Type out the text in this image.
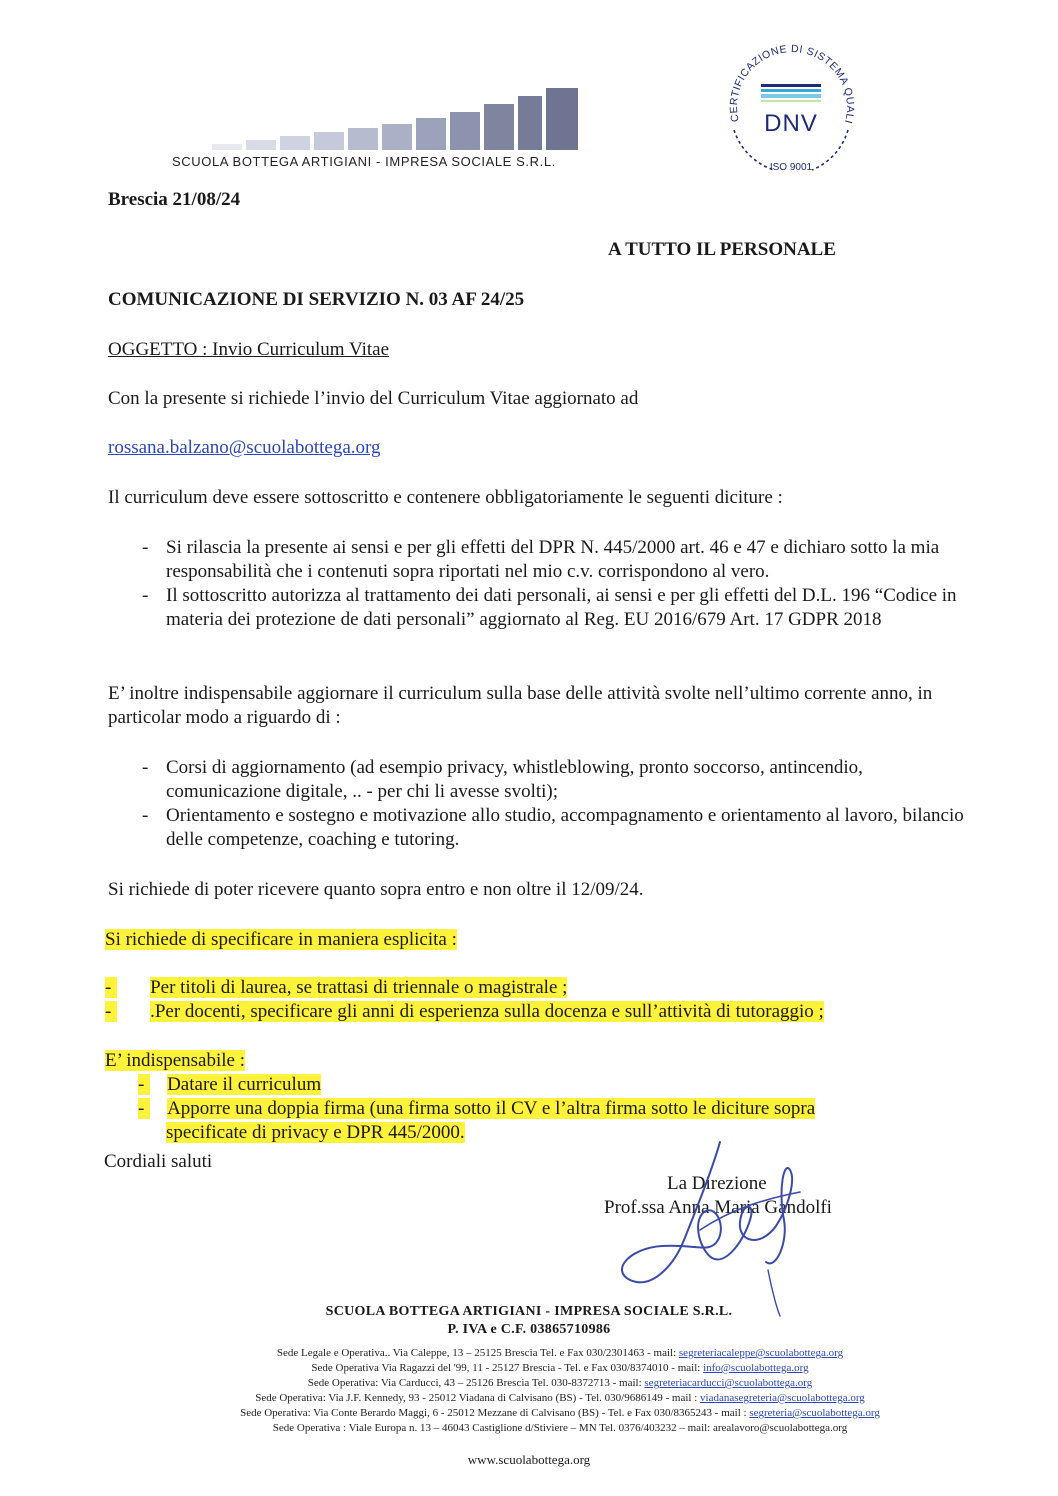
SCUOLA BOTTEGA ARTIGIANI - IMPRESA SOCIALE S.R.L.
CERTIFICAZIONE DI SISTEMA QUALI
DNV
ISO 9001
Brescia 21/08/24
A TUTTO IL PERSONALE
COMUNICAZIONE DI SERVIZIO N. 03 AF 24/25
OGGETTO : Invio Curriculum Vitae
Con la presente si richiede l’invio del Curriculum Vitae aggiornato ad
rossana.balzano@scuolabottega.org
Il curriculum deve essere sottoscritto e contenere obbligatoriamente le seguenti diciture :
- Si rilascia la presente ai sensi e per gli effetti del DPR N. 445/2000 art. 46 e 47 e dichiaro sotto la mia responsabilità che i contenuti sopra riportati nel mio c.v. corrispondono al vero.
- Il sottoscritto autorizza al trattamento dei dati personali, ai sensi e per gli effetti del D.L. 196 “Codice in materia dei protezione de dati personali” aggiornato al Reg. EU 2016/679 Art. 17 GDPR 2018
E’ inoltre indispensabile aggiornare il curriculum sulla base delle attività svolte nell’ultimo corrente anno, in particolar modo a riguardo di :
- Corsi di aggiornamento (ad esempio privacy, whistleblowing, pronto soccorso, antincendio, comunicazione digitale, .. - per chi li avesse svolti);
- Orientamento e sostegno e motivazione allo studio, accompagnamento e orientamento al lavoro, bilancio delle competenze, coaching e tutoring.
Si richiede di poter ricevere quanto sopra entro e non oltre il 12/09/24.
Si richiede di specificare in maniera esplicita :
- Per titoli di laurea, se trattasi di triennale o magistrale ;
- .Per docenti, specificare gli anni di esperienza sulla docenza e sull’attività di tutoraggio ;
E’ indispensabile :
- Datare il curriculum
- Apporre una doppia firma (una firma sotto il CV e l’altra firma sotto le diciture sopra
specificate di privacy e DPR 445/2000.
Cordiali saluti
La Direzione
Prof.ssa Anna Maria Gandolfi
SCUOLA BOTTEGA ARTIGIANI - IMPRESA SOCIALE S.R.L.
P. IVA e C.F. 03865710986
Sede Legale e Operativa.. Via Caleppe, 13 – 25125 Brescia Tel. e Fax 030/2301463 - mail: segreteriacaleppe@scuolabottega.org
Sede Operativa Via Ragazzi del '99, 11 - 25127 Brescia - Tel. e Fax 030/8374010 - mail: info@scuolabottega.org
Sede Operativa: Via Carducci, 43 – 25126 Brescia Tel. 030-8372713 - mail: segreteriacarducci@scuolabottega.org
Sede Operativa: Via J.F. Kennedy, 93 - 25012 Viadana di Calvisano (BS) - Tel. 030/9686149 - mail : viadanasegreteria@scuolabottega.org
Sede Operativa: Via Conte Berardo Maggi, 6 - 25012 Mezzane di Calvisano (BS) - Tel. e Fax 030/8365243 - mail : segreteria@scuolabottega.org
Sede Operativa : Viale Europa n. 13 – 46043 Castiglione d/Stiviere – MN Tel. 0376/403232 – mail: arealavoro@scuolabottega.org
www.scuolabottega.org
